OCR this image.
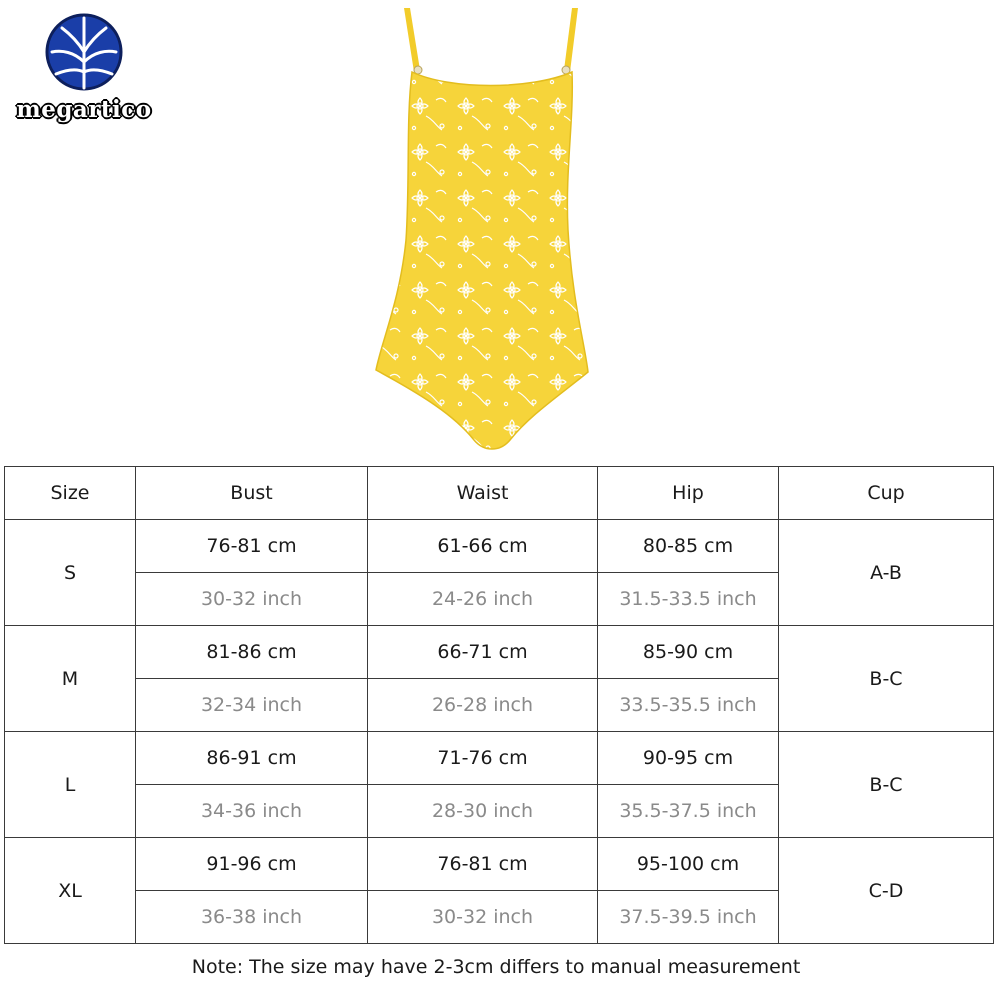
megartico
Size	Bust	Waist	Hip	Cup
S	76-81 cm	61-66 cm	80-85 cm	A-B
	30-32 inch	24-26 inch	31.5-33.5 inch	
M	81-86 cm	66-71 cm	85-90 cm	B-C
	32-34 inch	26-28 inch	33.5-35.5 inch	
L	86-91 cm	71-76 cm	90-95 cm	B-C
	34-36 inch	28-30 inch	35.5-37.5 inch	
XL	91-96 cm	76-81 cm	95-100 cm	C-D
	36-38 inch	30-32 inch	37.5-39.5 inch	
Note: The size may have 2-3cm differs to manual measurement
